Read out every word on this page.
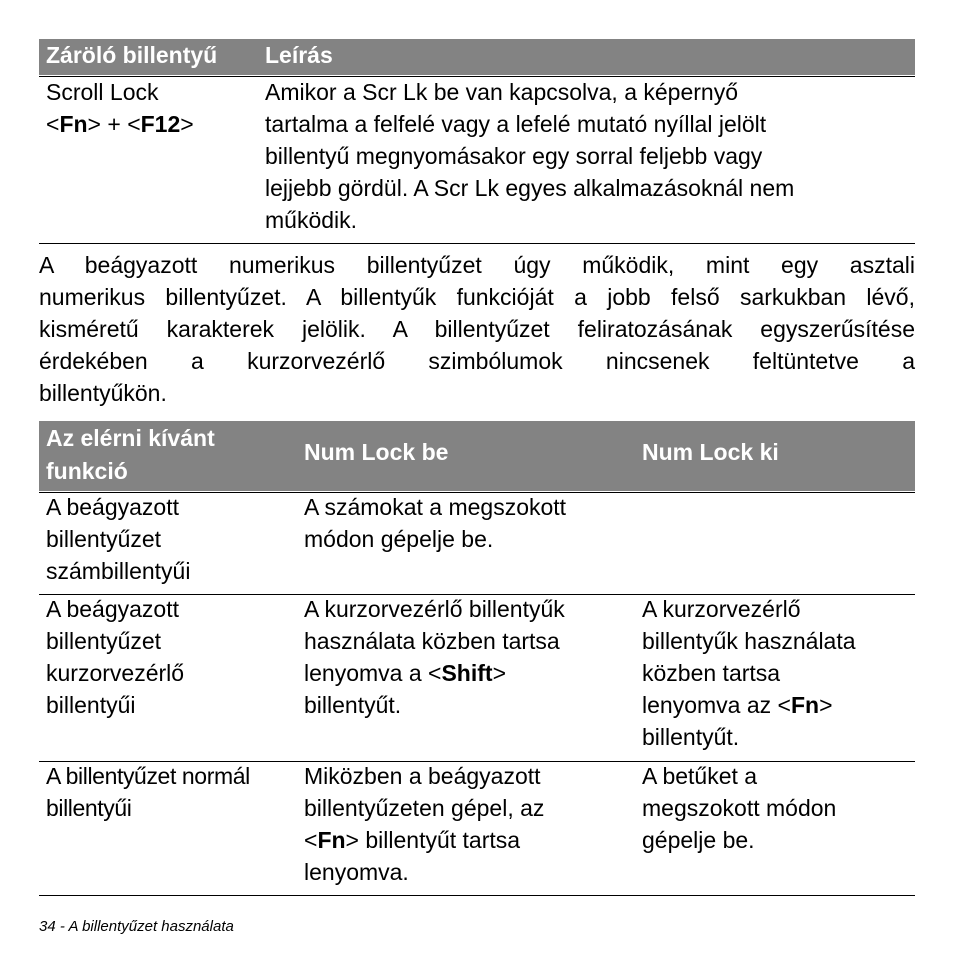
Záröló billentyű Leírás
Scroll Lock
<Fn> + <F12>
Amikor a Scr Lk be van kapcsolva, a képernyő
tartalma a felfelé vagy a lefelé mutató nyíllal jelölt
billentyű megnyomásakor egy sorral feljebb vagy
lejjebb gördül. A Scr Lk egyes alkalmazásoknál nem
működik.
A beágyazott numerikus billentyűzet úgy működik, mint egy asztali
numerikus billentyűzet. A billentyűk funkcióját a jobb felső sarkukban lévő,
kisméretű karakterek jelölik. A billentyűzet feliratozásának egyszerűsítése
érdekében a kurzorvezérlő szimbólumok nincsenek feltüntetve a
billentyűkön.
Az elérni kívánt
funkció
Num Lock be	Num Lock ki
A beágyazott
billentyűzet
számbillentyűi
A számokat a megszokott
módon gépelje be.
A beágyazott
billentyűzet
kurzorvezérlő
billentyűi
A kurzorvezérlő billentyűk
használata közben tartsa
lenyomva a <Shift>
billentyűt.
A kurzorvezérlő
billentyűk használata
közben tartsa
lenyomva az <Fn>
billentyűt.
A billentyűzet normál
billentyűi
Miközben a beágyazott
billentyűzeten gépel, az
<Fn> billentyűt tartsa
lenyomva.
A betűket a
megszokott módon
gépelje be.
34 - A billentyűzet használata
